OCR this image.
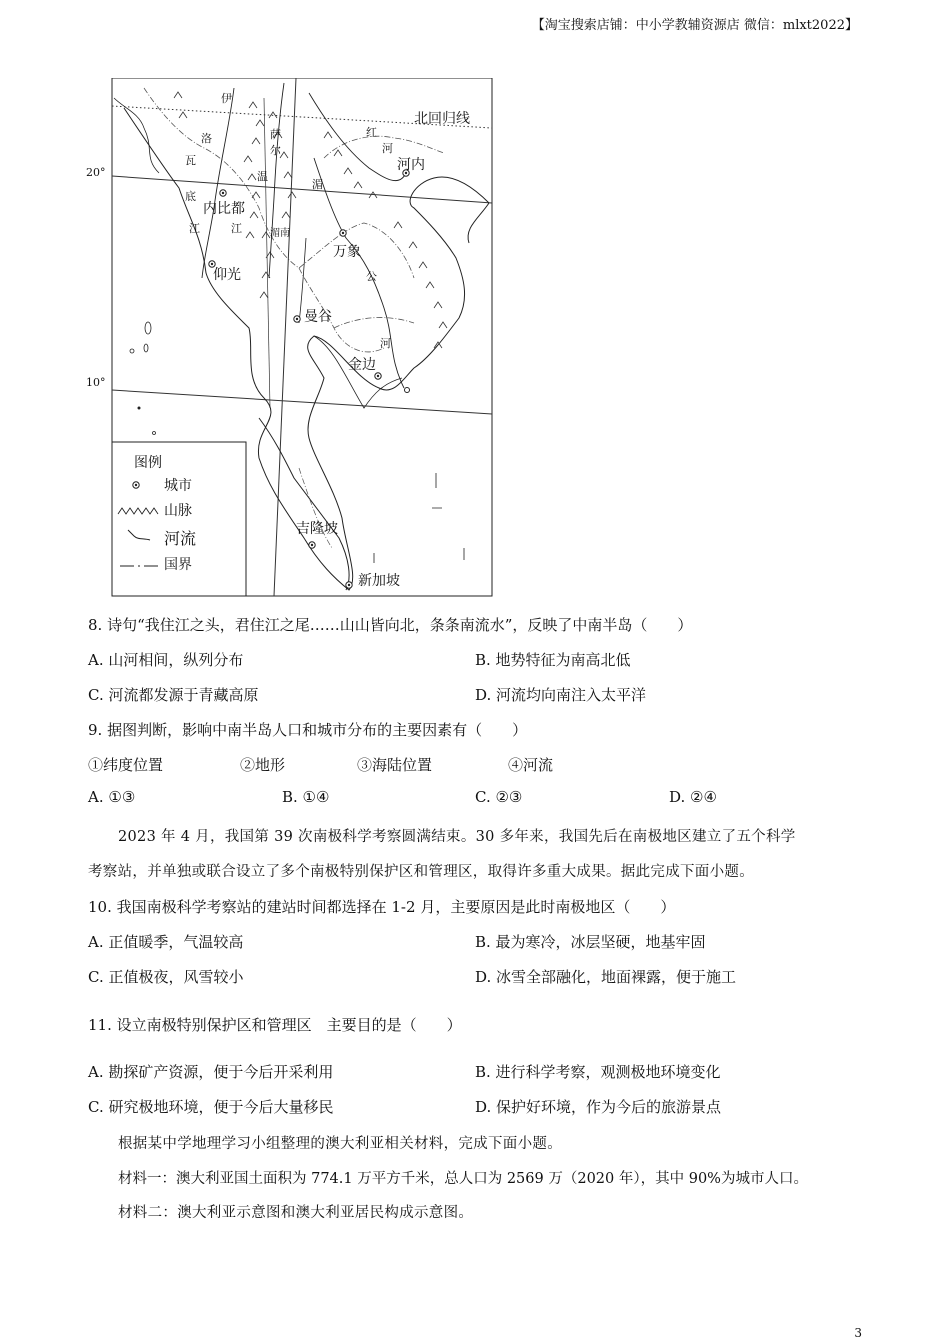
【淘宝搜索店铺：中小学教辅资源店 微信：mlxt2022】
北回归线
20°
10°
河内
内比都
万象
仰光
曼谷
金边
吉隆坡
新加坡
伊
洛
瓦
底
江
萨
尔
温
江
红
河
湄
公
河
湄南
图例
城市
山脉
河流
国界
8. 诗句“我住江之头，君住江之尾……山山皆向北，条条南流水”，反映了中南半岛（　　）
A. 山河相间，纵列分布	B. 地势特征为南高北低
C. 河流都发源于青藏高原	D. 河流均向南注入太平洋
9. 据图判断，影响中南半岛人口和城市分布的主要因素有（　　）
①纬度位置	②地形	③海陆位置	④河流
A. ①③	B. ①④	C. ②③	D. ②④
2023 年 4 月，我国第 39 次南极科学考察圆满结束。30 多年来，我国先后在南极地区建立了五个科学
考察站，并单独或联合设立了多个南极特别保护区和管理区，取得许多重大成果。据此完成下面小题。
10. 我国南极科学考察站的建站时间都选择在 1-2 月，主要原因是此时南极地区（　　）
A. 正值暖季，气温较高	B. 最为寒冷，冰层坚硬，地基牢固
C. 正值极夜，风雪较小	D. 冰雪全部融化，地面裸露，便于施工
11. 设立南极特别保护区和管理区　主要目的是（　　）
A. 勘探矿产资源，便于今后开采利用	B. 进行科学考察，观测极地环境变化
C. 研究极地环境，便于今后大量移民	D. 保护好环境，作为今后的旅游景点
根据某中学地理学习小组整理的澳大利亚相关材料，完成下面小题。
材料一：澳大利亚国土面积为 774.1 万平方千米，总人口为 2569 万（2020 年），其中 90%为城市人口。
材料二：澳大利亚示意图和澳大利亚居民构成示意图。
3
